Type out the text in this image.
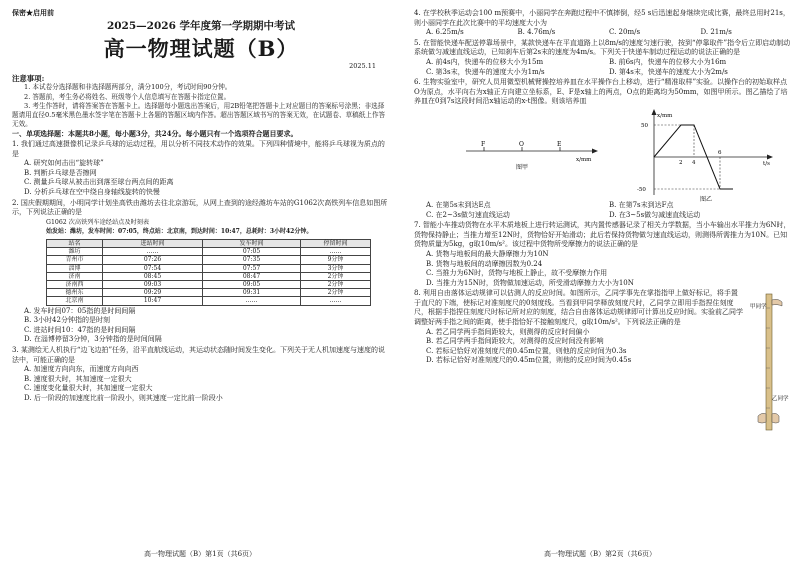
保密★启用前
2025—2026 学年度第一学期期中考试
高一物理试题（B）
2025.11
注意事项:

1. 本试卷分选择题和非选择题两部分，满分100分，考试时间90分钟。

2. 答题前，考生务必将姓名、班级等个人信息填写在答题卡指定位置。

3. 考生作答时，请将答案答在答题卡上。选择题每小题选出答案后，用2B铅笔把答题卡上对应题目的答案标号涂黑；非选择题请用直径0.5毫米黑色墨水签字笔在答题卡上各题的答题区域内作答。超出答题区域书写的答案无效，在试题卷、草稿纸上作答无效。

一、单项选择题：本题共8小题，每小题3分，共24分。每小题只有一个选项符合题目要求。
1. 我们通过高速摄像机记录乒乓球的运动过程，用以分析不同技术动作的效果。下列四种情境中，能将乒乓球视为质点的是
A. 研究如何击出“旋转球”
B. 判断乒乓球是否擦网
C. 测量乒乓球从被击出到落至球台两点间的距离
D. 分析乒乓球在空中绕自身轴线旋转的快慢
2. 国庆假期期间，小明同学计划坐高铁由潍坊去往北京游玩，从网上查到的途经潍坊车站的G1062次高铁列车信息如图所示，下列说法正确的是
G1062 次高铁列车途经站点及时刻表
始发站：潍坊，发车时间：07:05，终点站：北京南，到达时间：10:47，总耗时：3小时42分钟。
站名	进站时间	发车时间	停留时间
潍坊	……	07:05	……
青州市	07:26	07:35	9分钟
淄博	07:54	07:57	3分钟
济南	08:45	08:47	2分钟
济南西	09:03	09:05	2分钟
德州东	09:29	09:31	2分钟
北京南	10:47	……	……
A. 发车时间07：05指的是时间间隔
B. 3小时42分钟指的是时刻
C. 进站时间10：47指的是时间间隔
D. 在淄博停留3分钟，3分钟指的是时间间隔
3. 某测绘无人机执行“边飞边拍”任务，沿平直航线运动，其运动状态随时间发生变化。下列关于无人机加速度与速度的说法中，可能正确的是
A. 加速度方向向东，而速度方向向西
B. 速度很大时，其加速度一定很大
C. 速度变化量很大时，其加速度一定很大
D. 后一阶段的加速度比前一阶段小，则其速度一定比前一阶段小
高一物理试题（B）第1页（共6页）
4. 在学校秋季运动会100 m预赛中，小丽同学在奔跑过程中不慎摔倒，经5 s后迅速起身继续完成比赛，最终总用时21s，则小丽同学在此次比赛中的平均速度大小为
A. 6.25m/s	B. 4.76m/s	C. 20m/s	D. 21m/s
5. 在智能快递车配送停靠场景中，某款快递车在平直道路上以8m/s的速度匀速行驶，按到“停靠取件”指令后立即启动制动系统做匀减速直线运动，已知刹车后第2s末的速度为4m/s。下列关于快递车制动过程运动的说法正确的是
A. 前4s内，快递车的位移大小为15m	B. 前6s内，快递车的位移大小为16m
C. 第3s末，快递车的速度大小为1m/s	D. 第4s末，快递车的速度大小为2m/s
6. 生物实验室中，研究人员用微型机械臂操控培养皿在水平操作台上移动，进行“精准取样”实验。以操作台的初始取样点O为原点，水平向右为x轴正方向建立坐标系，E、F是x轴上的两点，O点的距离均为50mm，如图甲所示。图乙描绘了培养皿在0到7s这段时间沿x轴运动的x-t图像。则该培养皿
F	O	E
x/mm
图甲
x/mm
t/s
50
-50
2 4
6
图乙
A. 在第5s末到达E点	B. 在第7s末到达F点
C. 在2~3s做匀速直线运动	D. 在3~5s做匀减速直线运动
7. 智能小车推动货物在水平木质地板上进行转运测试，其内置传感器记录了相关力学数据，当小车输出水平推力为6N时，货物保持静止；当推力增至12N时，货物恰好开始滑动；此后若保持货物做匀速直线运动，则测得所需推力为10N。已知货物质量为5kg，g取10m/s²。该过程中货物所受摩擦力的说法正确的是
A. 货物与地板间的最大静摩擦力为10N
B. 货物与地板间的动摩擦因数为0.24
C. 当推力为6N时，货物与地板上静止，故不受摩擦力作用
D. 当推力为15N时，货物做加速运动，所受滑动摩擦力大小为10N
甲同学
乙同学
8. 利用自由落体运动规律可以估测人的反应时间。如图所示，乙同学事先在掌指指甲上做好标记，将手置于直尺的下端，使标记对准刻度尺的0刻度线。当看到甲同学释放刻度尺时，乙同学立即用手指捏住刻度尺，根据手指捏住刻度尺时标记所对应的刻度，结合自由落体运动规律即可计算出反应时间。实验前乙同学调整好两手指之间的距离，使手指恰好不接触刻度尺，g取10m/s²。下列说法正确的是
A. 若乙同学两手指间距较大，则测得的反应时间偏小
B. 若乙同学两手指间距较大，对测得的反应时间没有影响
C. 若标记恰好对准刻度尺的0.45m位置，则他的反应时间为0.3s
D. 若标记恰好对准刻度尺的0.45m位置，则他的反应时间为0.45s
高一物理试题（B）第2页（共6页）
